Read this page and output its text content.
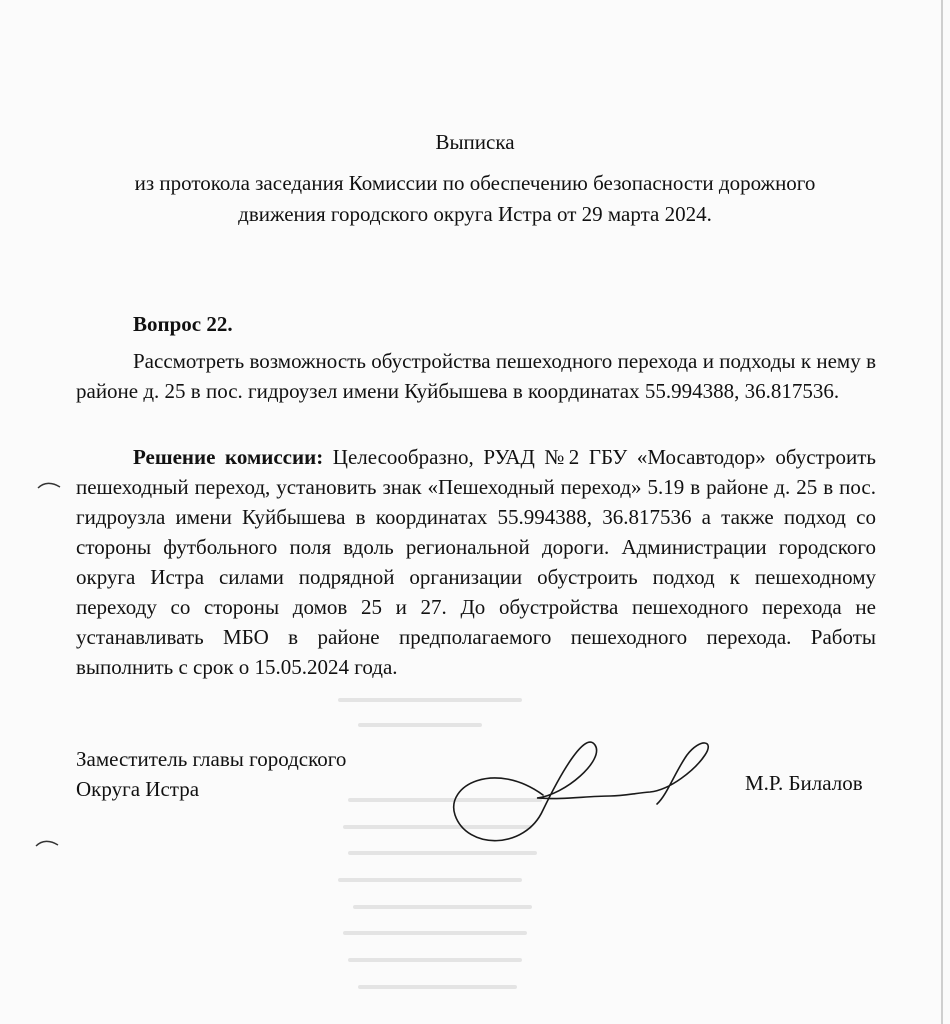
Выписка
из протокола заседания Комиссии по обеспечению безопасности дорожного
движения городского округа Истра от 29 марта 2024.
Вопрос 22.
Рассмотреть возможность обустройства пешеходного перехода и подходы к нему в районе д. 25 в пос. гидроузел имени Куйбышева в координатах 55.994388, 36.817536.
Решение комиссии: Целесообразно, РУАД №2 ГБУ «Мосавтодор» обустроить пешеходный переход, установить знак «Пешеходный переход» 5.19 в районе д. 25 в пос. гидроузла имени Куйбышева в координатах 55.994388, 36.817536 а также подход со стороны футбольного поля вдоль региональной дороги. Администрации городского округа Истра силами подрядной организации обустроить подход к пешеходному переходу со стороны домов 25 и 27. До обустройства пешеходного перехода не устанавливать МБО в районе предполагаемого пешеходного перехода. Работы выполнить с срок о 15.05.2024 года.
Заместитель главы городского
Округа Истра	М.Р. Билалов
